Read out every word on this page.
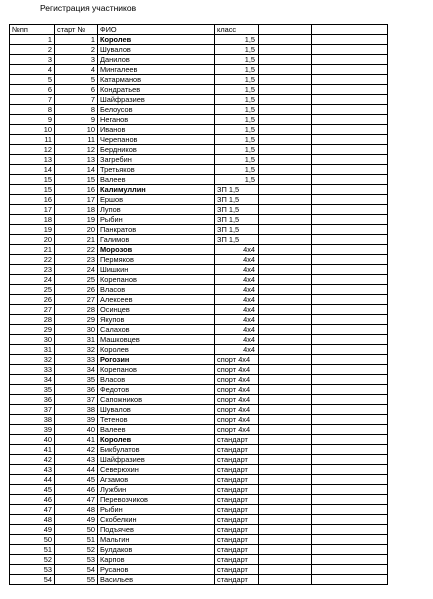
Регистрация участников
№пп	старт №	ФИО	класс		
1	1	Королев	1,5		
2	2	Шувалов	1,5		
3	3	Данилов	1,5		
4	4	Мингалеев	1,5		
5	5	Катарманов	1,5		
6	6	Кондратьев	1,5		
7	7	Шайфразиев	1,5		
8	8	Белоусов	1,5		
9	9	Неганов	1,5		
10	10	Иванов	1,5		
11	11	Черепанов	1,5		
12	12	Бердников	1,5		
13	13	Загребин	1,5		
14	14	Третьяков	1,5		
15	15	Валеев	1,5		
15	16	Калимуллин	ЗП 1,5		
16	17	Ершов	ЗП 1,5		
17	18	Лупов	ЗП 1,5		
18	19	Рыбин	ЗП 1,5		
19	20	Панкратов	ЗП 1,5		
20	21	Галимов	ЗП 1,5		
21	22	Морозов	4х4		
22	23	Пермяков	4х4		
23	24	Шишкин	4х4		
24	25	Корепанов	4х4		
25	26	Власов	4х4		
26	27	Алексеев	4х4		
27	28	Осинцев	4х4		
28	29	Якупов	4х4		
29	30	Салахов	4х4		
30	31	Машковцев	4х4		
31	32	Королев	4х4		
32	33	Рогозин	спорт 4х4		
33	34	Корепанов	спорт 4х4		
34	35	Власов	спорт 4х4		
35	36	Федотов	спорт 4х4		
36	37	Сапожников	спорт 4х4		
37	38	Шувалов	спорт 4х4		
38	39	Тетенов	спорт 4х4		
39	40	Валеев	спорт 4х4		
40	41	Королев	стандарт		
41	42	Бикбулатов	стандарт		
42	43	Шайфразиев	стандарт		
43	44	Северюхин	стандарт		
44	45	Агзамов	стандарт		
45	46	Лужбин	стандарт		
46	47	Перевозчиков	стандарт		
47	48	Рыбин	стандарт		
48	49	Скобелкин	стандарт		
49	50	Подъячев	стандарт		
50	51	Мальгин	стандарт		
51	52	Булдаков	стандарт		
52	53	Карпов	стандарт		
53	54	Русанов	стандарт		
54	55	Васильев	стандарт		
